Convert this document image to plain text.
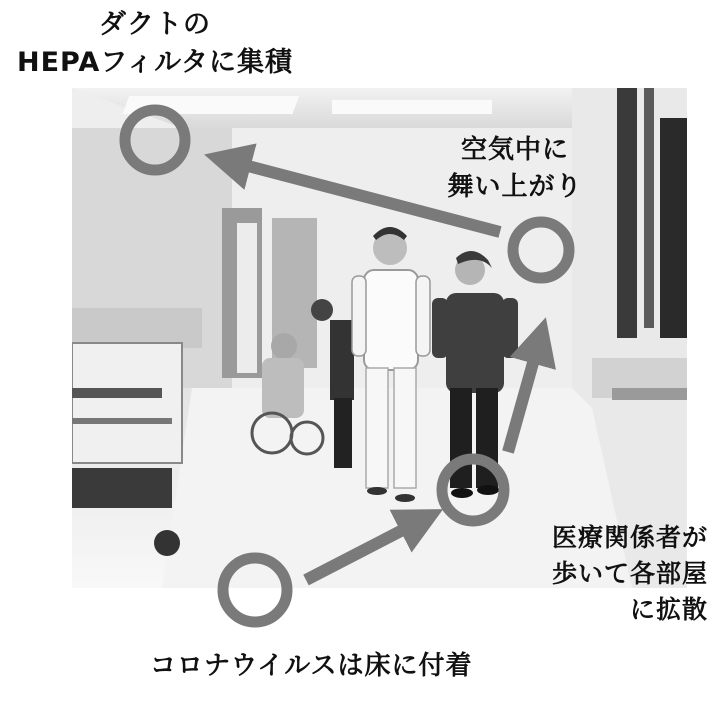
ダクトの
HEPAフィルタに集積

空気中に
舞い上がり

医療関係者が
歩いて各部屋
に拡散

コロナウイルスは床に付着
